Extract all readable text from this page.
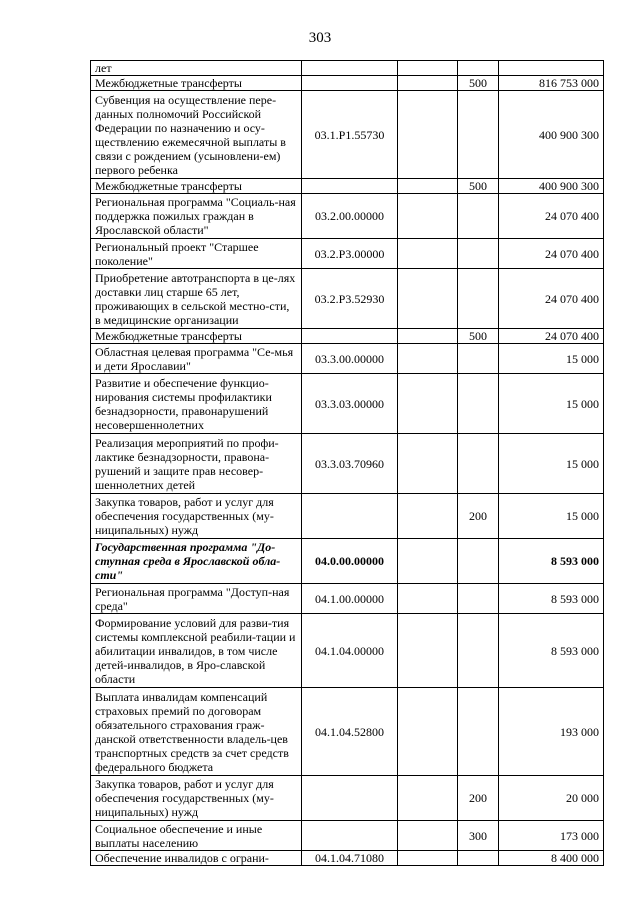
303
лет				
Межбюджетные трансферты			500	816 753 000
Субвенция на осуществление пере-данных полномочий Российской Федерации по назначению и осу-ществлению ежемесячной выплаты в связи с рождением (усыновлени-ем) первого ребенка	03.1.P1.55730			400 900 300
Межбюджетные трансферты			500	400 900 300
Региональная программа "Социаль-ная поддержка пожилых граждан в Ярославской области"	03.2.00.00000			24 070 400
Региональный проект "Старшее поколение"	03.2.P3.00000			24 070 400
Приобретение автотранспорта в це-лях доставки лиц старше 65 лет, проживающих в сельской местно-сти, в медицинские организации	03.2.P3.52930			24 070 400
Межбюджетные трансферты			500	24 070 400
Областная целевая программа "Се-мья и дети Ярославии"	03.3.00.00000			15 000
Развитие и обеспечение функцио-нирования системы профилактики безнадзорности, правонарушений несовершеннолетних	03.3.03.00000			15 000
Реализация мероприятий по профи-лактике безнадзорности, правона-рушений и защите прав несовер-шеннолетних детей	03.3.03.70960			15 000
Закупка товаров, работ и услуг для обеспечения государственных (му-ниципальных) нужд			200	15 000
Государственная программа "До-ступная среда в Ярославской обла-сти"	04.0.00.00000			8 593 000
Региональная программа "Доступ-ная среда"	04.1.00.00000			8 593 000
Формирование условий для разви-тия системы комплексной реабили-тации и абилитации инвалидов, в том числе детей-инвалидов, в Яро-славской области	04.1.04.00000			8 593 000
Выплата инвалидам компенсаций страховых премий по договорам обязательного страхования граж-данской ответственности владель-цев транспортных средств за счет средств федерального бюджета	04.1.04.52800			193 000
Закупка товаров, работ и услуг для обеспечения государственных (му-ниципальных) нужд			200	20 000
Социальное обеспечение и иные выплаты населению			300	173 000
Обеспечение инвалидов с ограни-	04.1.04.71080			8 400 000
